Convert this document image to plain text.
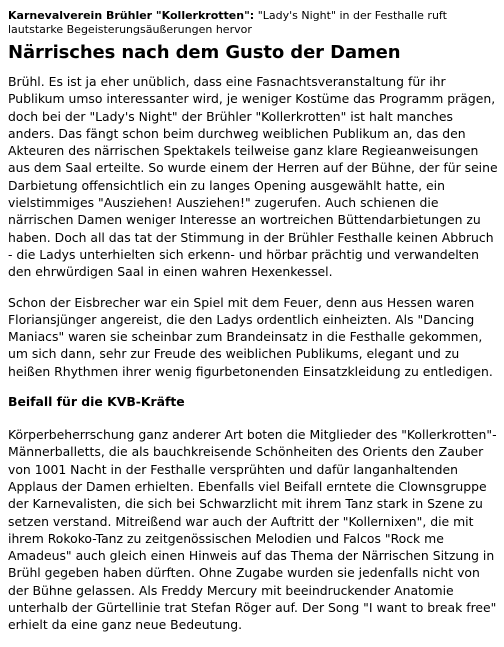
Karnevalverein Brühler "Kollerkrotten": "Lady's Night" in der Festhalle ruft lautstarke Begeisterungsäußerungen hervor

Närrisches nach dem Gusto der Damen

Brühl. Es ist ja eher unüblich, dass eine Fasnachtsveranstaltung für ihr Publikum umso interessanter wird, je weniger Kostüme das Programm prägen, doch bei der "Lady's Night" der Brühler "Kollerkrotten" ist halt manches anders. Das fängt schon beim durchweg weiblichen Publikum an, das den Akteuren des närrischen Spektakels teilweise ganz klare Regieanweisungen aus dem Saal erteilte. So wurde einem der Herren auf der Bühne, der für seine Darbietung offensichtlich ein zu langes Opening ausgewählt hatte, ein vielstimmiges "Ausziehen! Ausziehen!" zugerufen. Auch schienen die närrischen Damen weniger Interesse an wortreichen Büttendarbietungen zu haben. Doch all das tat der Stimmung in der Brühler Festhalle keinen Abbruch - die Ladys unterhielten sich erkenn- und hörbar prächtig und verwandelten den ehrwürdigen Saal in einen wahren Hexenkessel.

Schon der Eisbrecher war ein Spiel mit dem Feuer, denn aus Hessen waren Floriansjünger angereist, die den Ladys ordentlich einheizten. Als "Dancing Maniacs" waren sie scheinbar zum Brandeinsatz in die Festhalle gekommen, um sich dann, sehr zur Freude des weiblichen Publikums, elegant und zu heißen Rhythmen ihrer wenig figurbetonenden Einsatzkleidung zu entledigen.

Beifall für die KVB-Kräfte

Körperbeherrschung ganz anderer Art boten die Mitglieder des "Kollerkrotten"-Männerballetts, die als bauchkreisende Schönheiten des Orients den Zauber von 1001 Nacht in der Festhalle versprühten und dafür langanhaltenden Applaus der Damen erhielten. Ebenfalls viel Beifall erntete die Clownsgruppe der Karnevalisten, die sich bei Schwarzlicht mit ihrem Tanz stark in Szene zu setzen verstand. Mitreißend war auch der Auftritt der "Kollernixen", die mit ihrem Rokoko-Tanz zu zeitgenössischen Melodien und Falcos "Rock me Amadeus" auch gleich einen Hinweis auf das Thema der Närrischen Sitzung in Brühl gegeben haben dürften. Ohne Zugabe wurden sie jedenfalls nicht von der Bühne gelassen. Als Freddy Mercury mit beeindruckender Anatomie unterhalb der Gürtellinie trat Stefan Röger auf. Der Song "I want to break free" erhielt da eine ganz neue Bedeutung.
